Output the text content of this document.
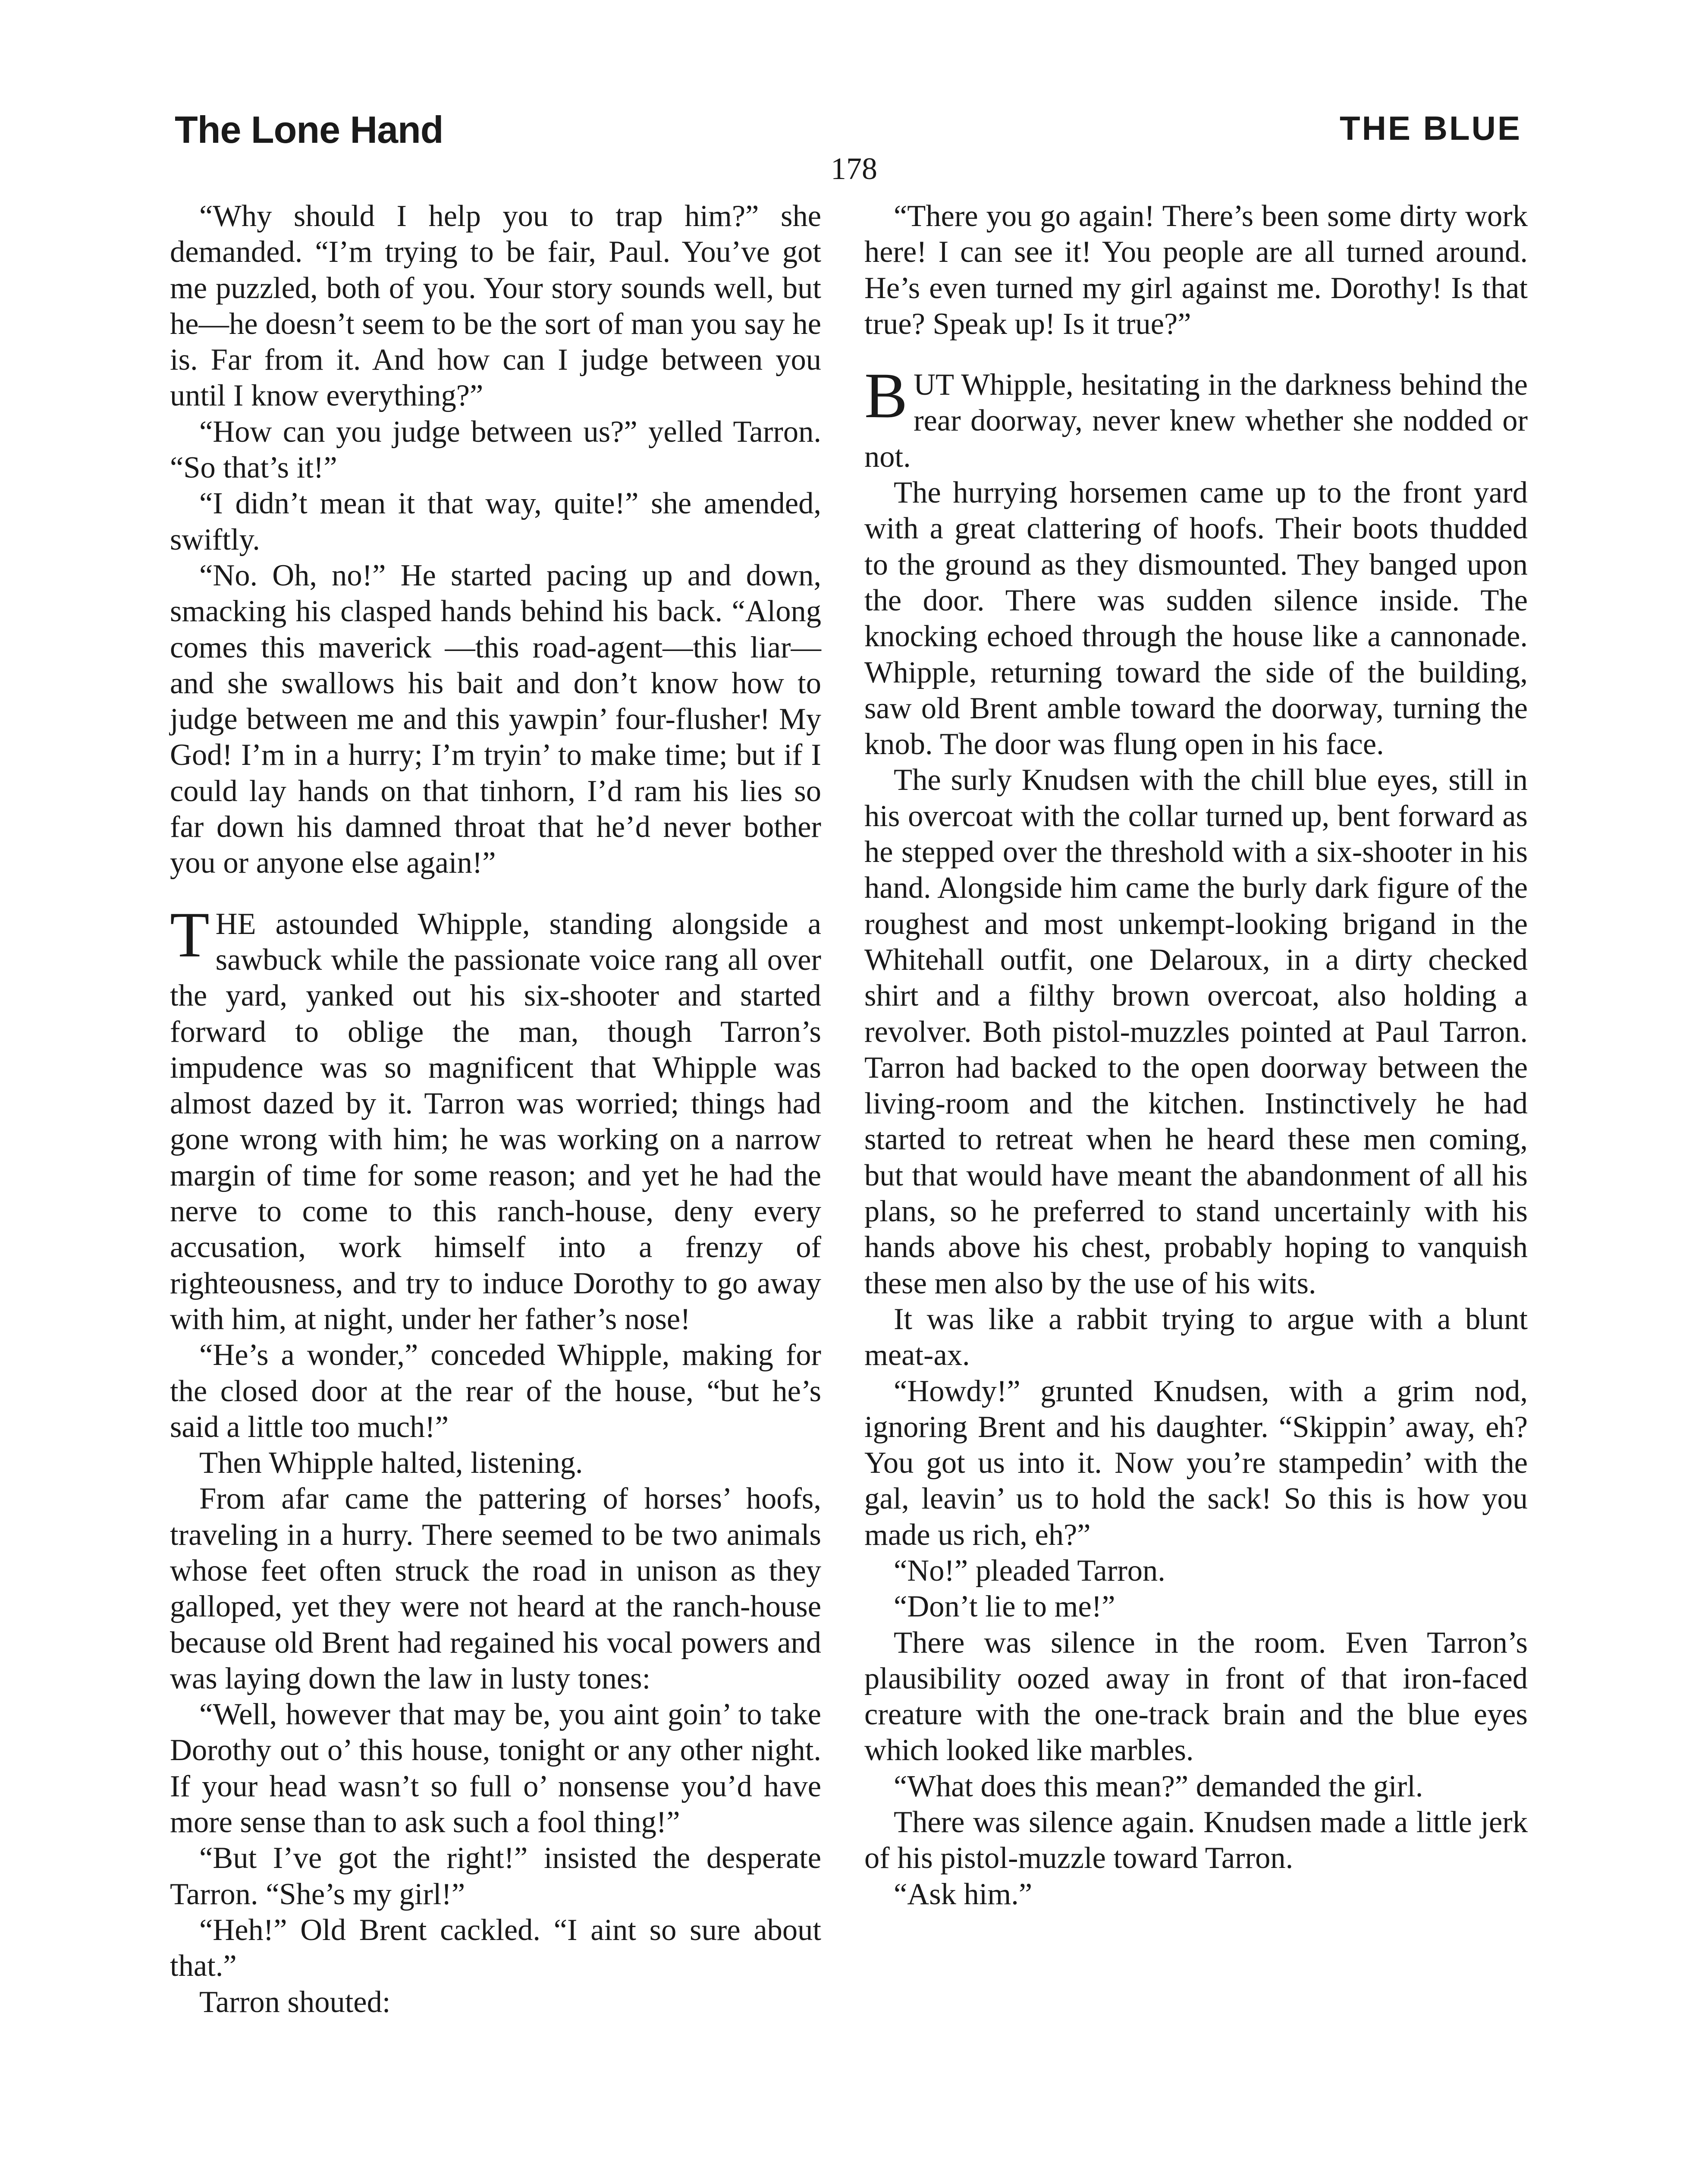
The Lone Hand	THE BLUE
178

“Why should I help you to trap him?” she demanded. “I’m trying to be fair, Paul. You’ve got me puzzled, both of you. Your story sounds well, but he—he doesn’t seem to be the sort of man you say he is. Far from it. And how can I judge between you until I know everything?”

“How can you judge between us?” yelled Tarron. “So that’s it!”

“I didn’t mean it that way, quite!” she amended, swiftly.

“No. Oh, no!” He started pacing up and down, smacking his clasped hands behind his back. “Along comes this maverick —this road-agent—this liar—and she swallows his bait and don’t know how to judge between me and this yawpin’ four-flusher! My God! I’m in a hurry; I’m tryin’ to make time; but if I could lay hands on that tinhorn, I’d ram his lies so far down his damned throat that he’d never bother you or anyone else again!”

THE astounded Whipple, standing alongside a sawbuck while the passionate voice rang all over the yard, yanked out his six-shooter and started forward to oblige the man, though Tarron’s impudence was so magnificent that Whipple was almost dazed by it. Tarron was worried; things had gone wrong with him; he was working on a narrow margin of time for some reason; and yet he had the nerve to come to this ranch-house, deny every accusation, work himself into a frenzy of righteousness, and try to induce Dorothy to go away with him, at night, under her father’s nose!

“He’s a wonder,” conceded Whipple, making for the closed door at the rear of the house, “but he’s said a little too much!”

Then Whipple halted, listening.

From afar came the pattering of horses’ hoofs, traveling in a hurry. There seemed to be two animals whose feet often struck the road in unison as they galloped, yet they were not heard at the ranch-house because old Brent had regained his vocal powers and was laying down the law in lusty tones:

“Well, however that may be, you aint goin’ to take Dorothy out o’ this house, tonight or any other night. If your head wasn’t so full o’ nonsense you’d have more sense than to ask such a fool thing!”

“But I’ve got the right!” insisted the desperate Tarron. “She’s my girl!”

“Heh!” Old Brent cackled. “I aint so sure about that.”

Tarron shouted:

“There you go again! There’s been some dirty work here! I can see it! You people are all turned around. He’s even turned my girl against me. Dorothy! Is that true? Speak up! Is it true?”

BUT Whipple, hesitating in the darkness behind the rear doorway, never knew whether she nodded or not.

The hurrying horsemen came up to the front yard with a great clattering of hoofs. Their boots thudded to the ground as they dismounted. They banged upon the door. There was sudden silence inside. The knocking echoed through the house like a cannonade. Whipple, returning toward the side of the building, saw old Brent amble toward the doorway, turning the knob. The door was flung open in his face.

The surly Knudsen with the chill blue eyes, still in his overcoat with the collar turned up, bent forward as he stepped over the threshold with a six-shooter in his hand. Alongside him came the burly dark figure of the roughest and most unkempt-looking brigand in the Whitehall outfit, one Delaroux, in a dirty checked shirt and a filthy brown overcoat, also holding a revolver. Both pistol-muzzles pointed at Paul Tarron. Tarron had backed to the open doorway between the living-room and the kitchen. Instinctively he had started to retreat when he heard these men coming, but that would have meant the abandonment of all his plans, so he preferred to stand uncertainly with his hands above his chest, probably hoping to vanquish these men also by the use of his wits.

It was like a rabbit trying to argue with a blunt meat-ax.

“Howdy!” grunted Knudsen, with a grim nod, ignoring Brent and his daughter. “Skippin’ away, eh? You got us into it. Now you’re stampedin’ with the gal, leavin’ us to hold the sack! So this is how you made us rich, eh?”

“No!” pleaded Tarron.

“Don’t lie to me!”

There was silence in the room. Even Tarron’s plausibility oozed away in front of that iron-faced creature with the one-track brain and the blue eyes which looked like marbles.

“What does this mean?” demanded the girl.

There was silence again. Knudsen made a little jerk of his pistol-muzzle toward Tarron.

“Ask him.”
